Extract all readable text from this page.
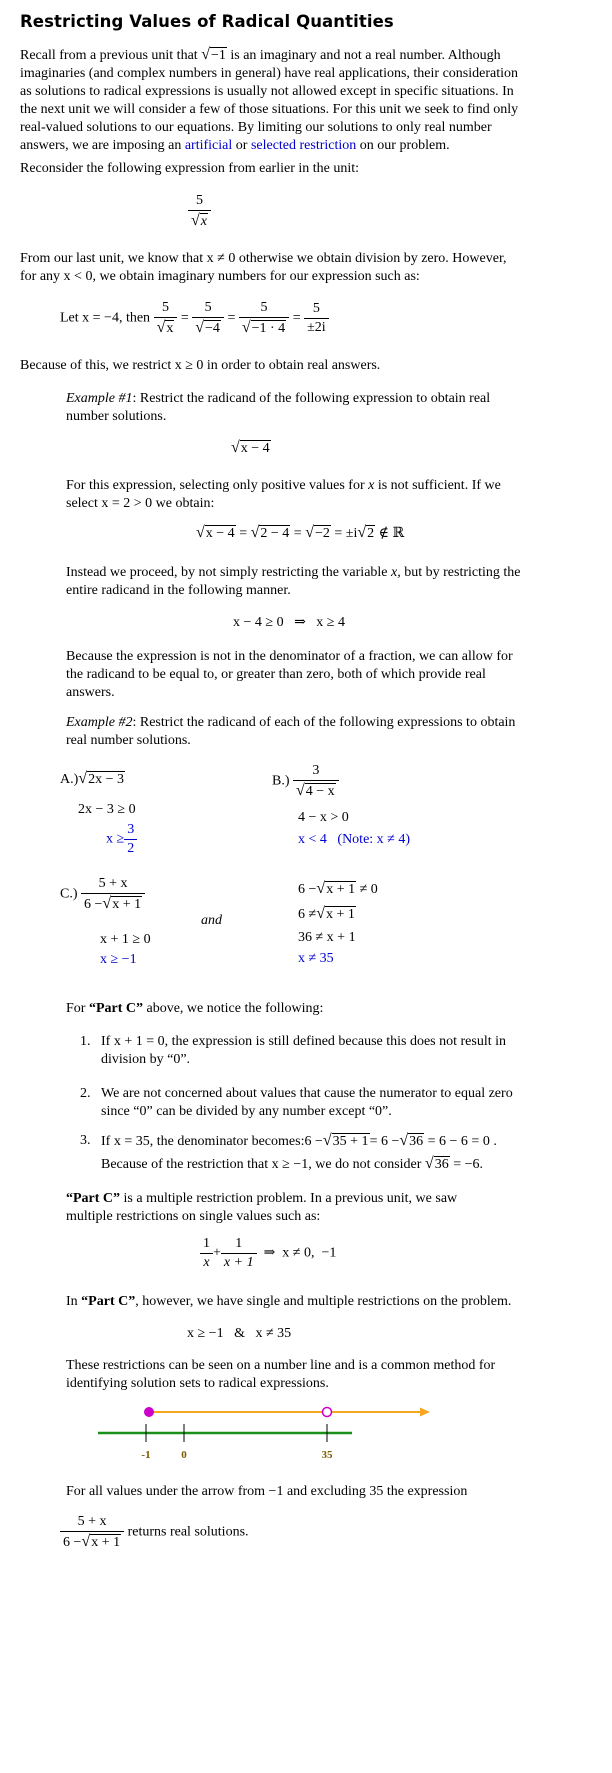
Restricting Values of Radical Quantities
Recall from a previous unit that √−1 is an imaginary and not a real number. Although
imaginaries (and complex numbers in general) have real applications, their consideration
as solutions to radical expressions is usually not allowed except in specific situations. In
the next unit we will consider a few of those situations. For this unit we seek to find only
real-valued solutions to our equations. By limiting our solutions to only real number
answers, we are imposing an artificial or selected restriction on our problem.
Reconsider the following expression from earlier in the unit:
$\frac{5}{√x}$
From our last unit, we know that x ≠ 0 otherwise we obtain division by zero. However,
for any x < 0, we obtain imaginary numbers for our expression such as:
Let x = −4, then $\frac{5}{√x} = \frac{5}{√-4} = \frac{5}{√-1 \cdot 4} = \frac{5}{\pm 2i}$
Because of this, we restrict x ≥ 0 in order to obtain real answers.
Example #1: Restrict the radicand of the following expression to obtain real
number solutions.
√x − 4
For this expression, selecting only positive values for x is not sufficient. If we
select x = 2 > 0 we obtain:
√x − 4 = √2 − 4 = √−2 = ±i√2 ∉ ℝ
Instead we proceed, by not simply restricting the variable x, but by restricting the
entire radicand in the following manner.
x − 4 ≥ 0   ⇒   x ≥ 4
Because the expression is not in the denominator of a fraction, we can allow for
the radicand to be equal to, or greater than zero, both of which provide real
answers.
Example #2: Restrict the radicand of each of the following expressions to obtain
real number solutions.
A.)√2x − 3
2x − 3 ≥ 0
$x \ge \frac{3}{2}$
$B.) \frac{3}{√4 - x}$
4 − x > 0
x < 4 (Note: x ≠ 4)
$C.) \frac{5 + x}{6 -√x + 1}$
and
x + 1 ≥ 0
x ≥ −1
6 −√x + 1 ≠ 0
6 ≠√x + 1
36 ≠ x + 1
x ≠ 35
For “Part C” above, we notice the following:
1. If x + 1 = 0, the expression is still defined because this does not result in
division by “0”.
2. We are not concerned about values that cause the numerator to equal zero
since “0” can be divided by any number except “0”.
3. If x = 35, the denominator becomes:6 −√35 + 1= 6 −√36 = 6 − 6 = 0 .
Because of the restriction that x ≥ −1, we do not consider √36 = −6.
“Part C” is a multiple restriction problem. In a previous unit, we saw
multiple restrictions on single values such as:
$\frac{1}{x} + \frac{1}{x + 1}$ ⇒  x ≠ 0,  −1
In “Part C”, however, we have single and multiple restrictions on the problem.
x ≥ −1   &   x ≠ 35
These restrictions can be seen on a number line and is a common method for
identifying solution sets to radical expressions.
-1	0	35
For all values under the arrow from −1 and excluding 35 the expression
$\frac{5 + x}{6 -√x + 1}$ returns real solutions.
